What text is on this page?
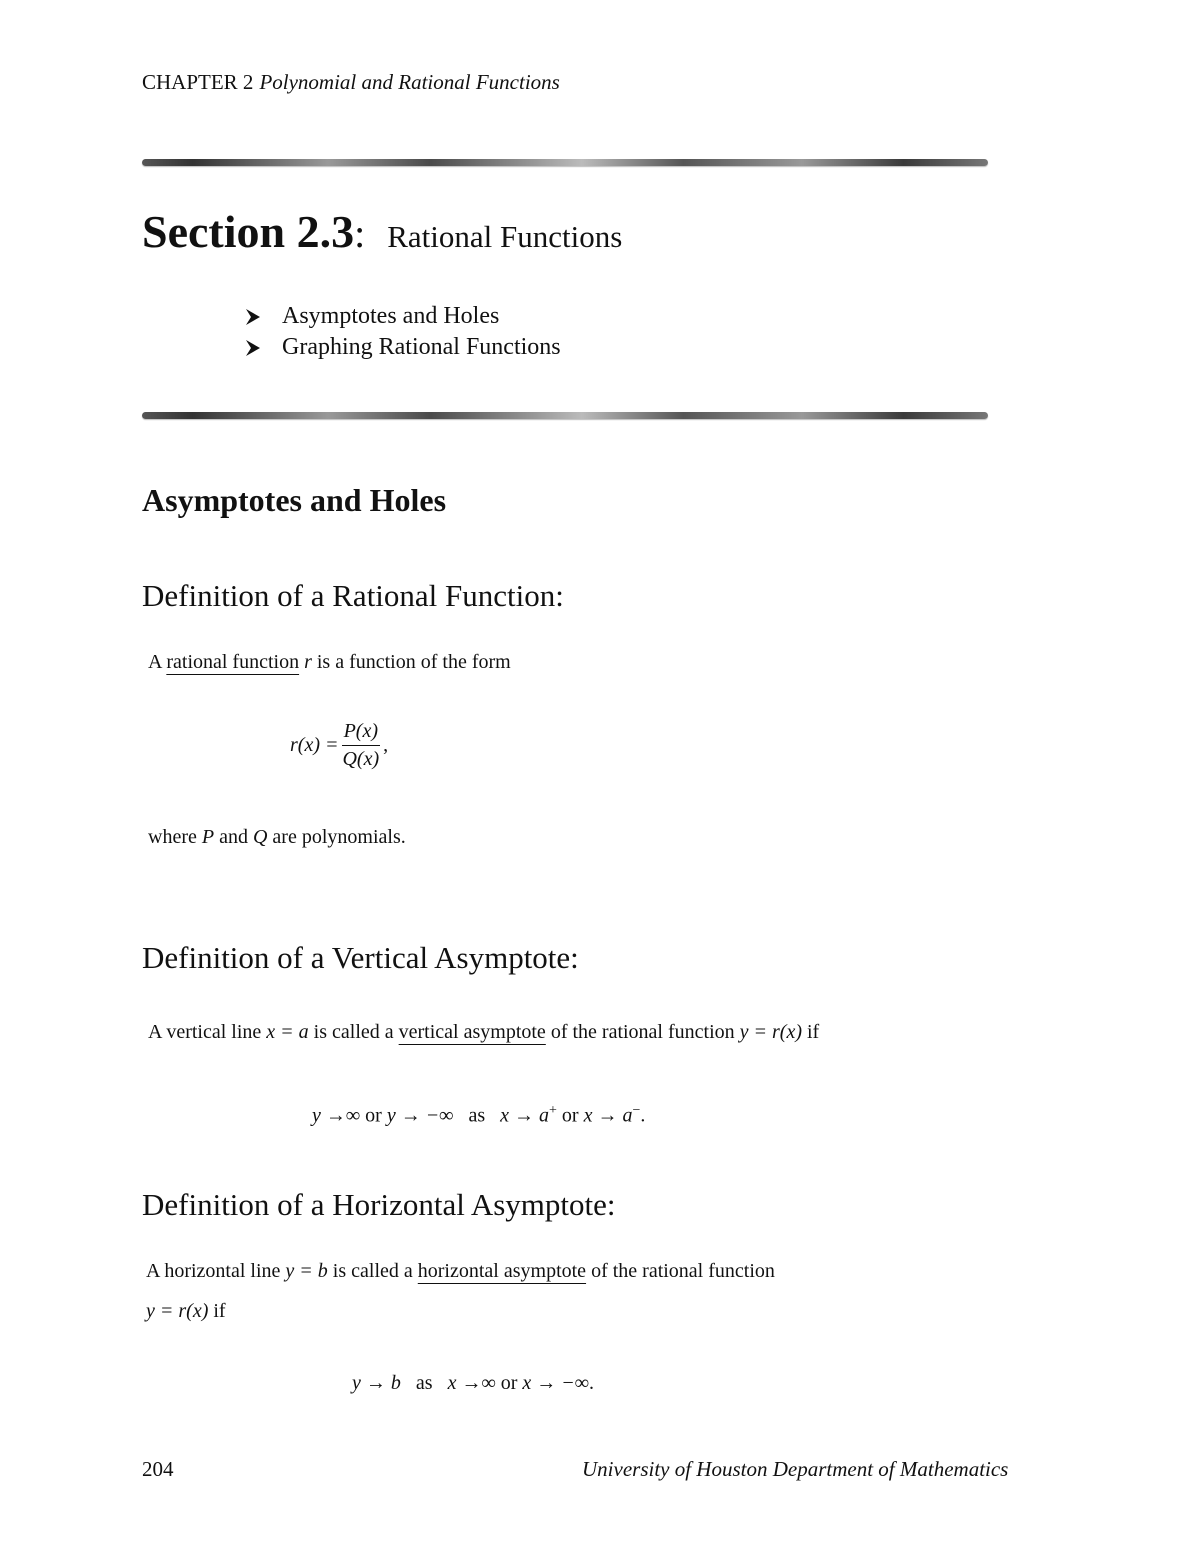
CHAPTER 2 Polynomial and Rational Functions
Section 2.3: Rational Functions
Asymptotes and Holes
Graphing Rational Functions
Asymptotes and Holes
Definition of a Rational Function:
A rational function r is a function of the form
$r(x) = \frac{P(x)}{Q(x)}$ ,
where P and Q are polynomials.
Definition of a Vertical Asymptote:
A vertical line x = a is called a vertical asymptote of the rational function y = r(x) if
y →∞ or y → −∞ as x → a+ or x → a−.
Definition of a Horizontal Asymptote:
A horizontal line y = b is called a horizontal asymptote of the rational function
y = r(x) if
y → b as x →∞ or x → −∞.
204	University of Houston Department of Mathematics
